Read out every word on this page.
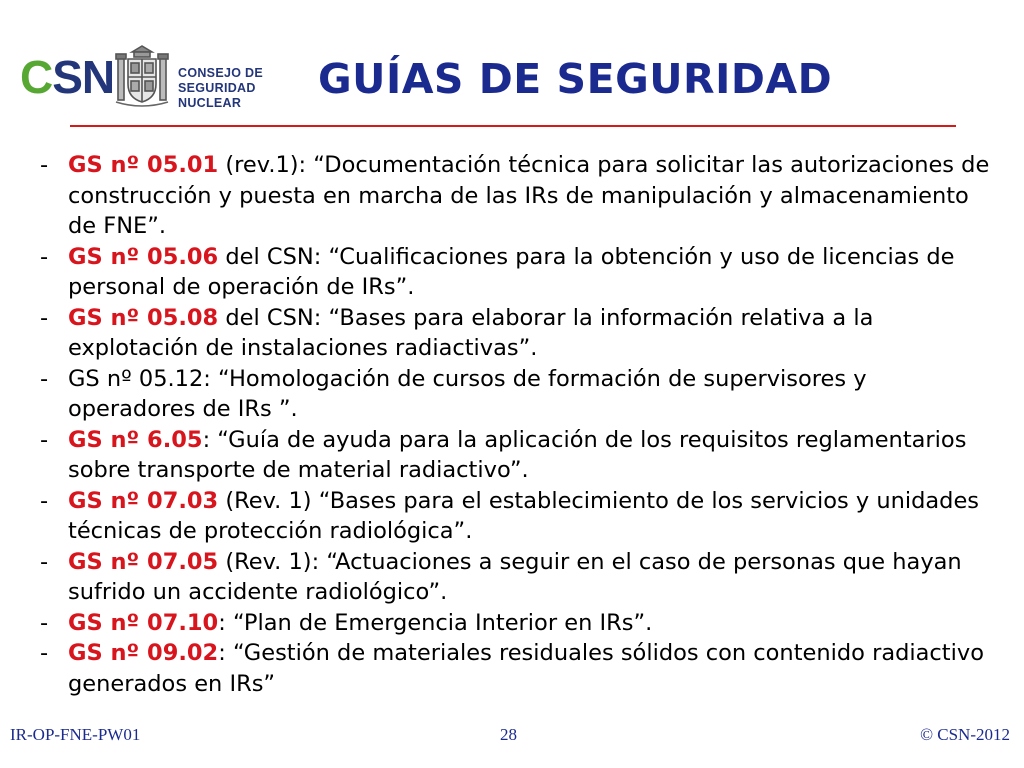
CSN	CONSEJO DE
SEGURIDAD NUCLEAR	GUÍAS DE SEGURIDAD
- GS nº 05.01 (rev.1): “Documentación técnica para solicitar las autorizaciones de construcción y puesta en marcha de las IRs de manipulación y almacenamiento de FNE”.
- GS nº 05.06 del CSN: “Cualificaciones para la obtención y uso de licencias de personal de operación de IRs”.
- GS nº 05.08 del CSN: “Bases para elaborar la información relativa a la explotación de instalaciones radiactivas”.
- GS nº 05.12: “Homologación de cursos de formación de supervisores y operadores de IRs ”.
- GS nº 6.05: “Guía de ayuda para la aplicación de los requisitos reglamentarios sobre transporte de material radiactivo”.
- GS nº 07.03 (Rev. 1) “Bases para el establecimiento de los servicios y unidades técnicas de protección radiológica”.
- GS nº 07.05 (Rev. 1): “Actuaciones a seguir en el caso de personas que hayan sufrido un accidente radiológico”.
- GS nº 07.10: “Plan de Emergencia Interior en IRs”.
- GS nº 09.02: “Gestión de materiales residuales sólidos con contenido radiactivo generados en IRs”
IR-OP-FNE-PW01	28	© CSN-2012
